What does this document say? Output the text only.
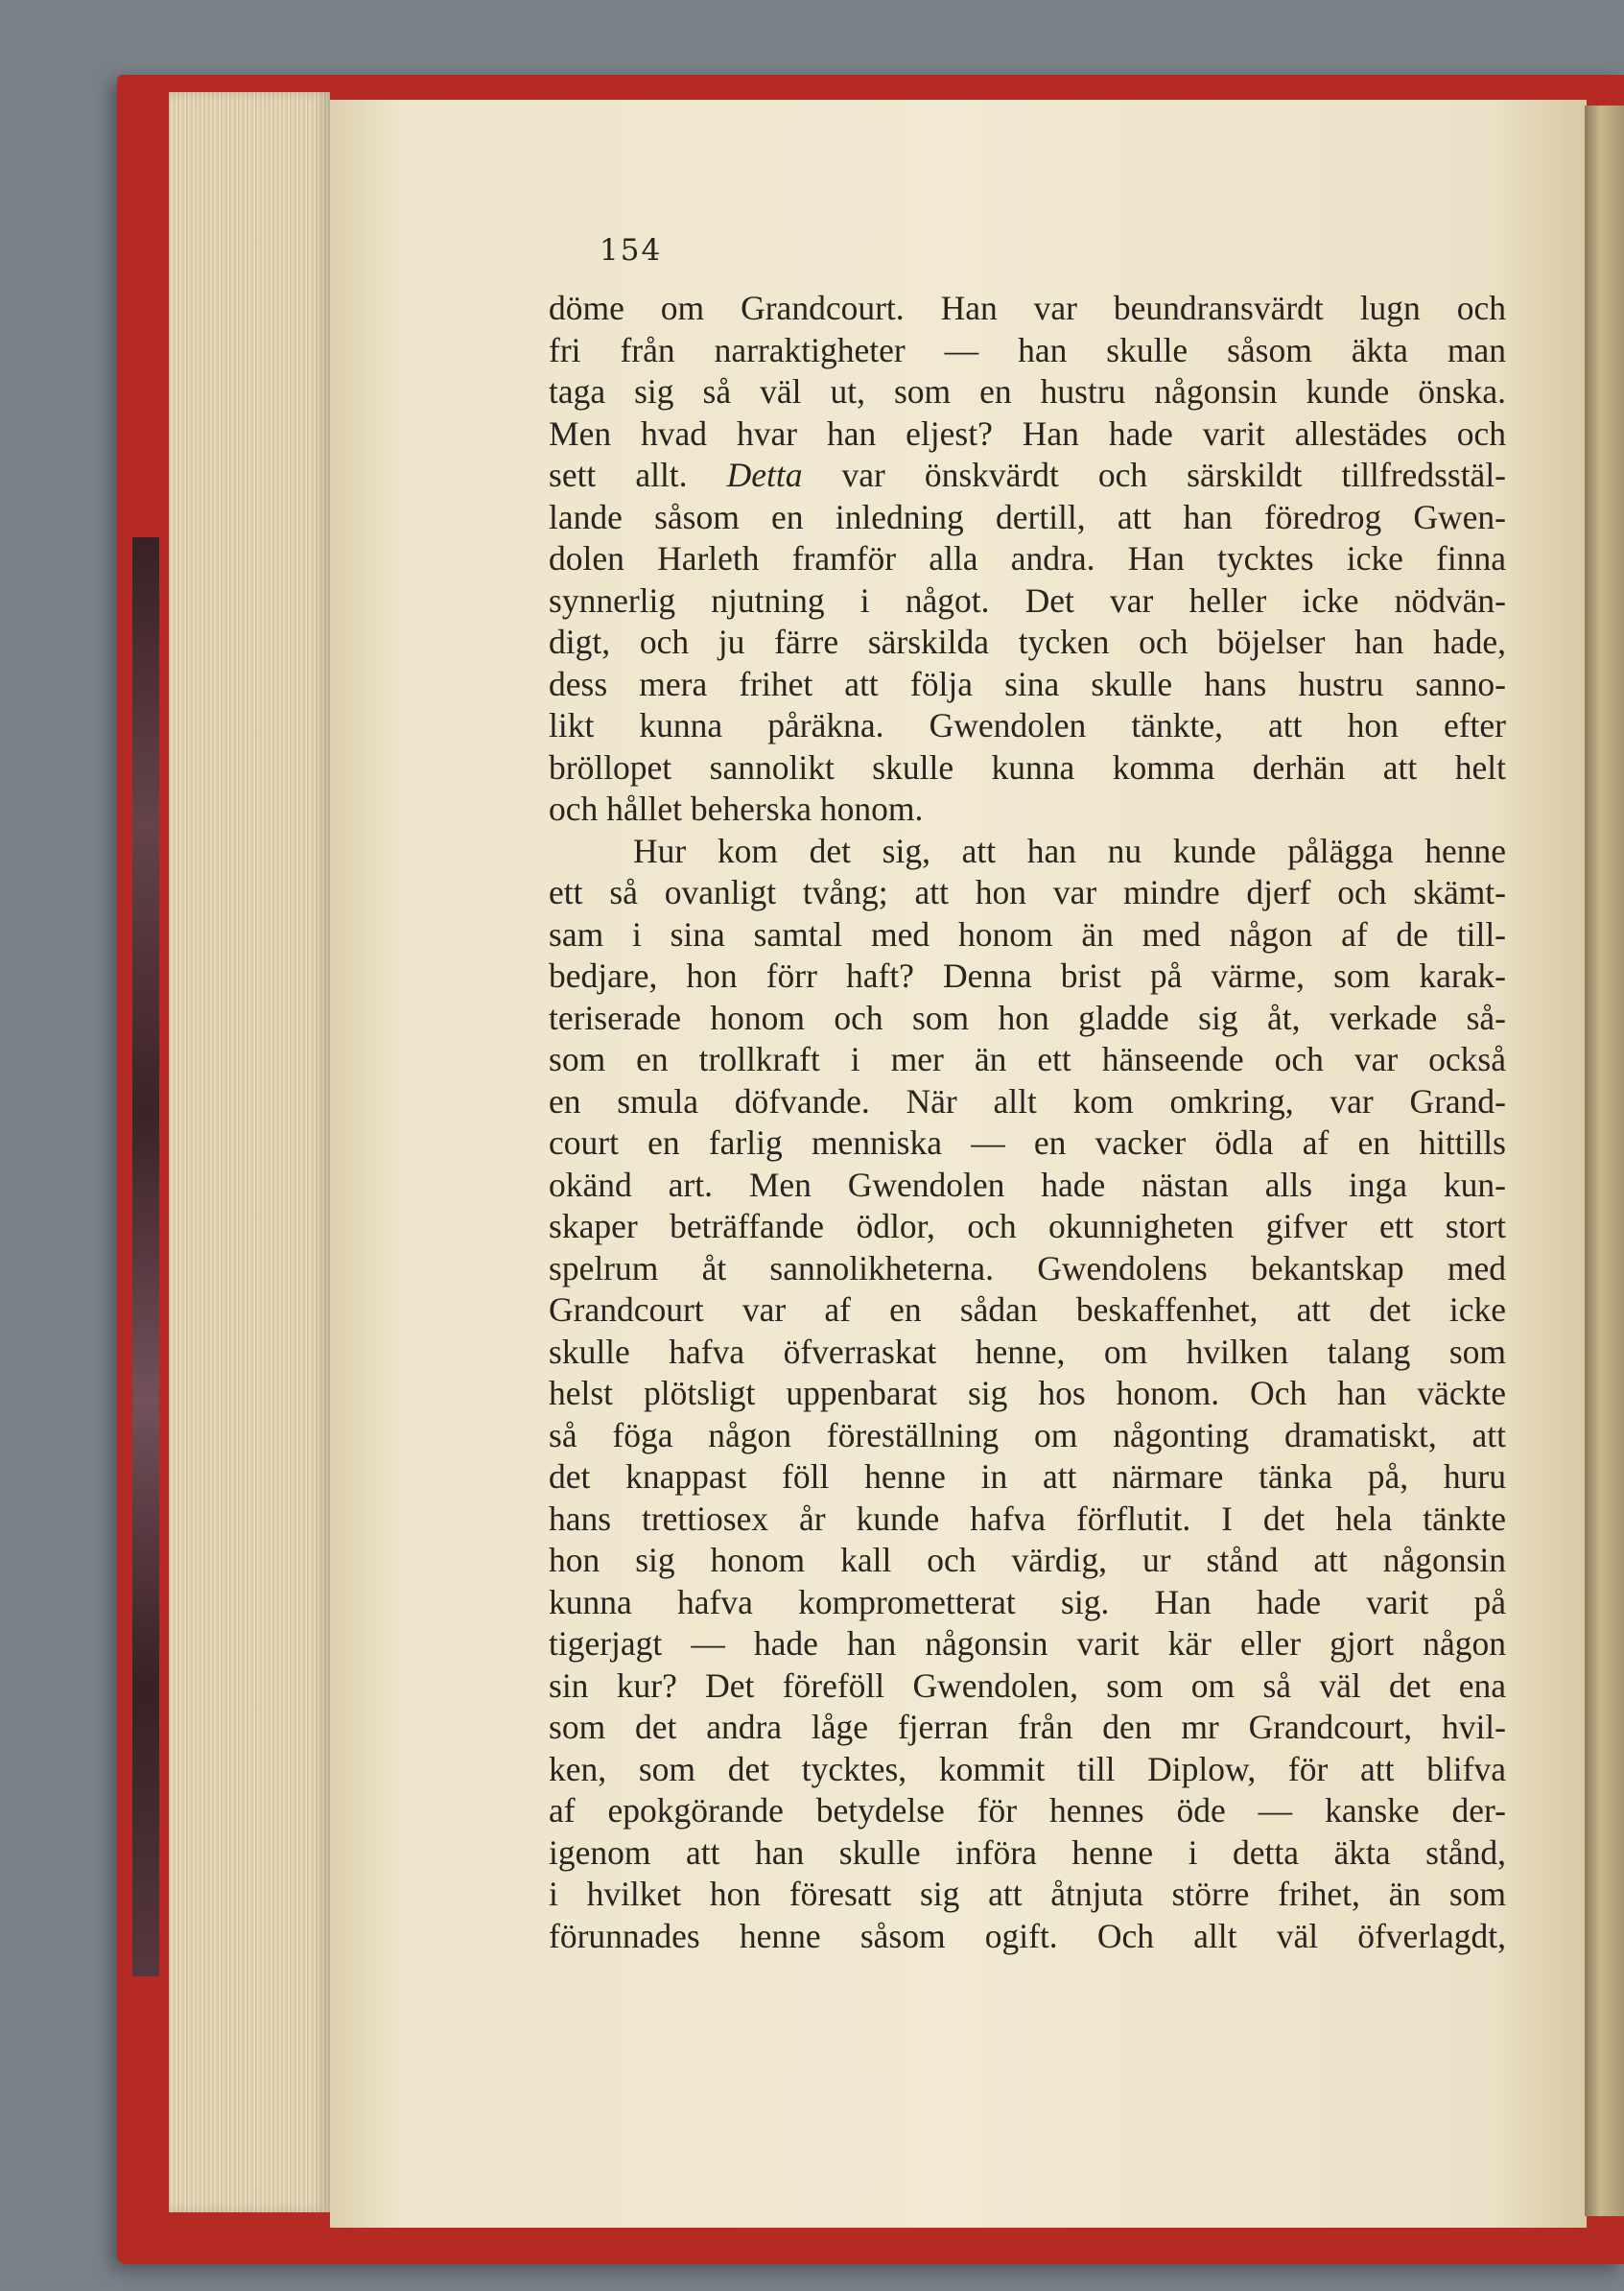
154
döme om Grandcourt. Han var beundransvärdt lugn och
fri från narraktigheter — han skulle såsom äkta man
taga sig så väl ut, som en hustru någonsin kunde önska.
Men hvad hvar han eljest? Han hade varit allestädes och
sett allt. Detta var önskvärdt och särskildt tillfredsstäl-
lande såsom en inledning dertill, att han föredrog Gwen-
dolen Harleth framför alla andra. Han tycktes icke finna
synnerlig njutning i något. Det var heller icke nödvän-
digt, och ju färre särskilda tycken och böjelser han hade,
dess mera frihet att följa sina skulle hans hustru sanno-
likt kunna påräkna. Gwendolen tänkte, att hon efter
bröllopet sannolikt skulle kunna komma derhän att helt
och hållet beherska honom.
Hur kom det sig, att han nu kunde pålägga henne
ett så ovanligt tvång; att hon var mindre djerf och skämt-
sam i sina samtal med honom än med någon af de till-
bedjare, hon förr haft? Denna brist på värme, som karak-
teriserade honom och som hon gladde sig åt, verkade så-
som en trollkraft i mer än ett hänseende och var också
en smula döfvande. När allt kom omkring, var Grand-
court en farlig menniska — en vacker ödla af en hittills
okänd art. Men Gwendolen hade nästan alls inga kun-
skaper beträffande ödlor, och okunnigheten gifver ett stort
spelrum åt sannolikheterna. Gwendolens bekantskap med
Grandcourt var af en sådan beskaffenhet, att det icke
skulle hafva öfverraskat henne, om hvilken talang som
helst plötsligt uppenbarat sig hos honom. Och han väckte
så föga någon föreställning om någonting dramatiskt, att
det knappast föll henne in att närmare tänka på, huru
hans trettiosex år kunde hafva förflutit. I det hela tänkte
hon sig honom kall och värdig, ur stånd att någonsin
kunna hafva komprometterat sig. Han hade varit på
tigerjagt — hade han någonsin varit kär eller gjort någon
sin kur? Det föreföll Gwendolen, som om så väl det ena
som det andra låge fjerran från den mr Grandcourt, hvil-
ken, som det tycktes, kommit till Diplow, för att blifva
af epokgörande betydelse för hennes öde — kanske der-
igenom att han skulle införa henne i detta äkta stånd,
i hvilket hon föresatt sig att åtnjuta större frihet, än som
förunnades henne såsom ogift. Och allt väl öfverlagdt,
